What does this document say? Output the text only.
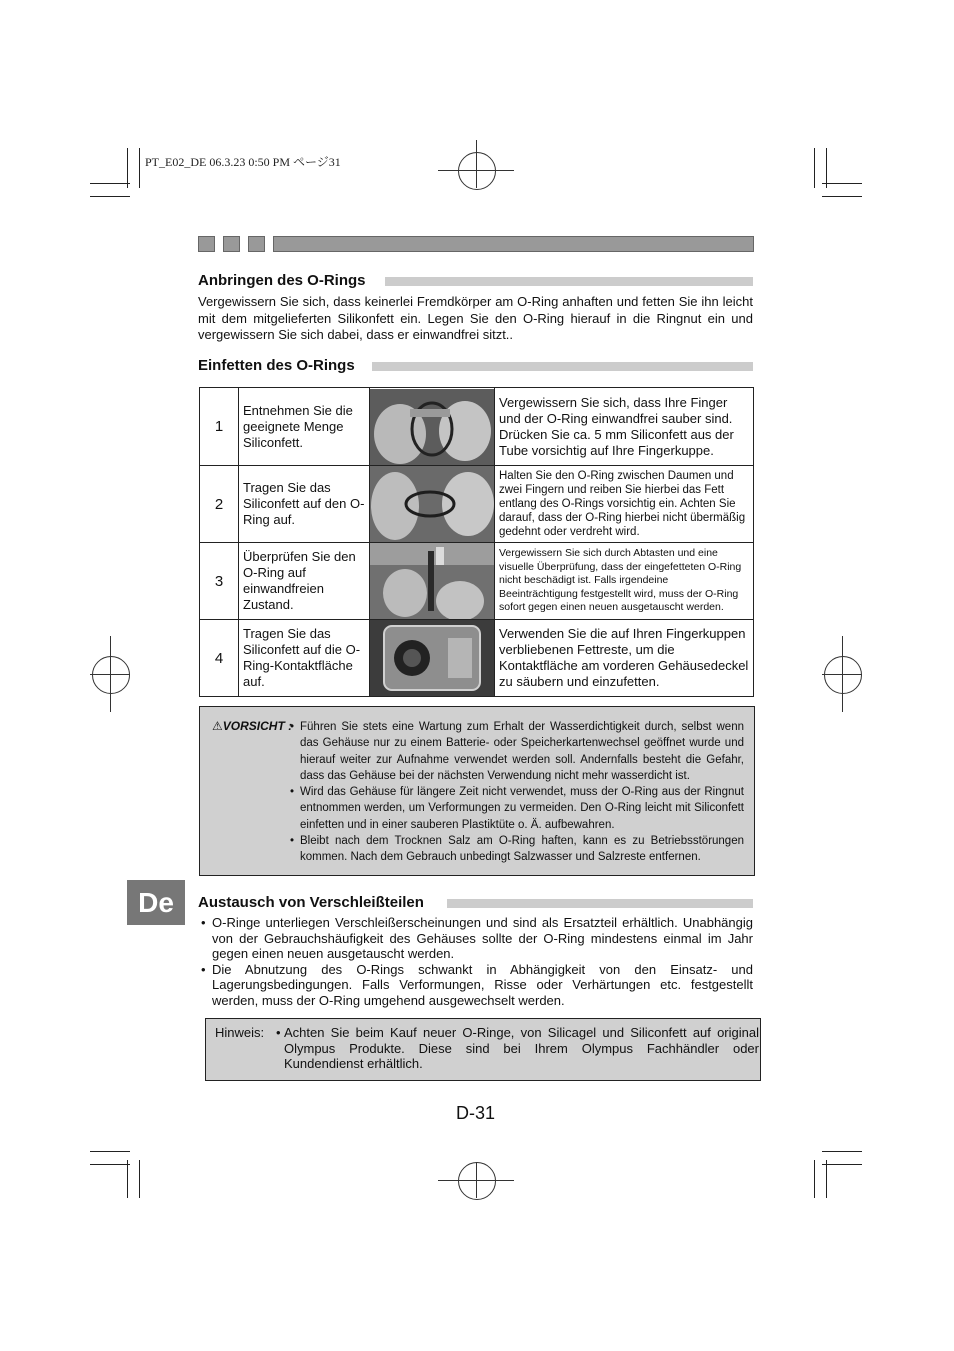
PT_E02_DE 06.3.23 0:50 PM ページ31
Anbringen des O-Rings
Vergewissern Sie sich, dass keinerlei Fremdkörper am O-Ring anhaften und fetten Sie ihn leicht mit dem mitgelieferten Silikonfett ein. Legen Sie den O-Ring hierauf in die Ringnut ein und vergewissern Sie sich dabei, dass er einwandfrei sitzt..
Einfetten des O-Rings
1	Entnehmen Sie die geeignete Menge Siliconfett.		Vergewissern Sie sich, dass Ihre Finger und der O-Ring einwandfrei sauber sind. Drücken Sie ca. 5 mm Siliconfett aus der Tube vorsichtig auf Ihre Fingerkuppe.
2	Tragen Sie das Siliconfett auf den O-Ring auf.		Halten Sie den O-Ring zwischen Daumen und zwei Fingern und reiben Sie hierbei das Fett entlang des O-Rings vorsichtig ein. Achten Sie darauf, dass der O-Ring hierbei nicht übermäßig gedehnt oder verdreht wird.
3	Überprüfen Sie den O-Ring auf einwandfreien Zustand.		Vergewissern Sie sich durch Abtasten und eine visuelle Überprüfung, dass der eingefetteten O-Ring nicht beschädigt ist. Falls irgendeine Beeinträchtigung festgestellt wird, muss der O-Ring sofort gegen einen neuen ausgetauscht werden.
4	Tragen Sie das Siliconfett auf die O-Ring-Kontaktfläche auf.		Verwenden Sie die auf Ihren Fingerkuppen verbliebenen Fettreste, um die Kontaktfläche am vorderen Gehäusedeckel zu säubern und einzufetten.
⚠VORSICHT : • Führen Sie stets eine Wartung zum Erhalt der Wasserdichtigkeit durch, selbst wenn das Gehäuse nur zu einem Batterie- oder Speicherkartenwechsel geöffnet wurde und hierauf weiter zur Aufnahme verwendet werden soll. Andernfalls besteht die Gefahr, dass das Gehäuse bei der nächsten Verwendung nicht mehr wasserdicht ist.
• Wird das Gehäuse für längere Zeit nicht verwendet, muss der O-Ring aus der Ringnut entnommen werden, um Verformungen zu vermeiden. Den O-Ring leicht mit Siliconfett einfetten und in einer sauberen Plastiktüte o. Ä. aufbewahren.
• Bleibt nach dem Trocknen Salz am O-Ring haften, kann es zu Betriebsstörungen kommen. Nach dem Gebrauch unbedingt Salzwasser und Salzreste entfernen.
De	Austausch von Verschleißteilen
• O-Ringe unterliegen Verschleißerscheinungen und sind als Ersatzteil erhältlich. Unabhängig von der Gebrauchshäufigkeit des Gehäuses sollte der O-Ring mindestens einmal im Jahr gegen einen neuen ausgetauscht werden.
• Die Abnutzung des O-Rings schwankt in Abhängigkeit von den Einsatz- und Lagerungsbedingungen. Falls Verformungen, Risse oder Verhärtungen etc. festgestellt werden, muss der O-Ring umgehend ausgewechselt werden.
Hinweis:	• Achten Sie beim Kauf neuer O-Ringe, von Silicagel und Siliconfett auf original Olympus Produkte. Diese sind bei Ihrem Olympus Fachhändler oder Kundendienst erhältlich.
D-31
